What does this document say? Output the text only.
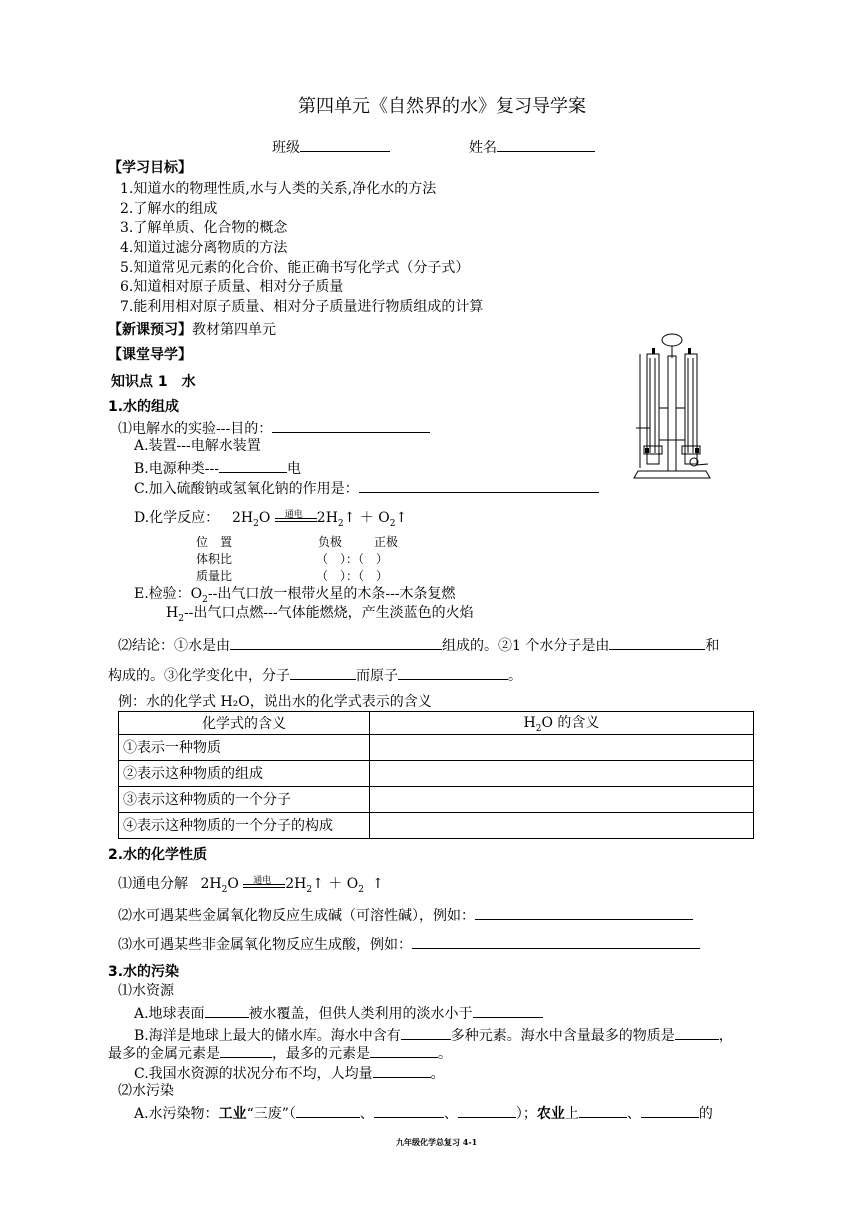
第四单元《自然界的水》复习导学案
班级	姓名
【学习目标】
1.知道水的物理性质,水与人类的关系,净化水的方法
2.了解水的组成
3.了解单质、化合物的概念
4.知道过滤分离物质的方法
5.知道常见元素的化合价、能正确书写化学式（分子式）
6.知道相对原子质量、相对分子质量
7.能利用相对原子质量、相对分子质量进行物质组成的计算
【新课预习】教材第四单元
【课堂导学】
知识点 1　水
1.水的组成
⑴电解水的实验---目的：
A.装置---电解水装置
B.电源种类---	电
C.加入硫酸钠或氢氧化钠的作用是：
D.化学反应： $2H_2O$ 通电 $2H_2↑$ ＋ $O_2↑$
位　置	负极	正极
体积比	（　）：（　）
质量比	（　）：（　）
E.检验：$O_2--$出气口放一根带火星的木条---木条复燃
$H_2--$出气口点燃---气体能燃烧，产生淡蓝色的火焰
⑵结论：①水是由	组成的。②1 个水分子是由	和
构成的。③化学变化中，分子	而原子	。
例：水的化学式 H₂O，说出水的化学式表示的含义
化学式的含义	$H_2O$ 的含义
①表示一种物质	
②表示这种物质的组成	
③表示这种物质的一个分子	
④表示这种物质的一个分子的构成	
2.水的化学性质
⑴通电分解 $2H_2O$ 通电 $2H_2↑ + O_2$ ↑
⑵水可遇某些金属氧化物反应生成碱（可溶性碱），例如：
⑶水可遇某些非金属氧化物反应生成酸，例如：
3.水的污染
⑴水资源
A.地球表面	被水覆盖，但供人类利用的淡水小于
B.海洋是地球上最大的储水库。海水中含有	多种元素。海水中含量最多的物质是	，
最多的金属元素是	，最多的元素是	。
C.我国水资源的状况分布不均，人均量	。
⑵水污染
A.水污染物：工业“三废”（	、	、	）；农业上	、	的
九年级化学总复习 4-1
